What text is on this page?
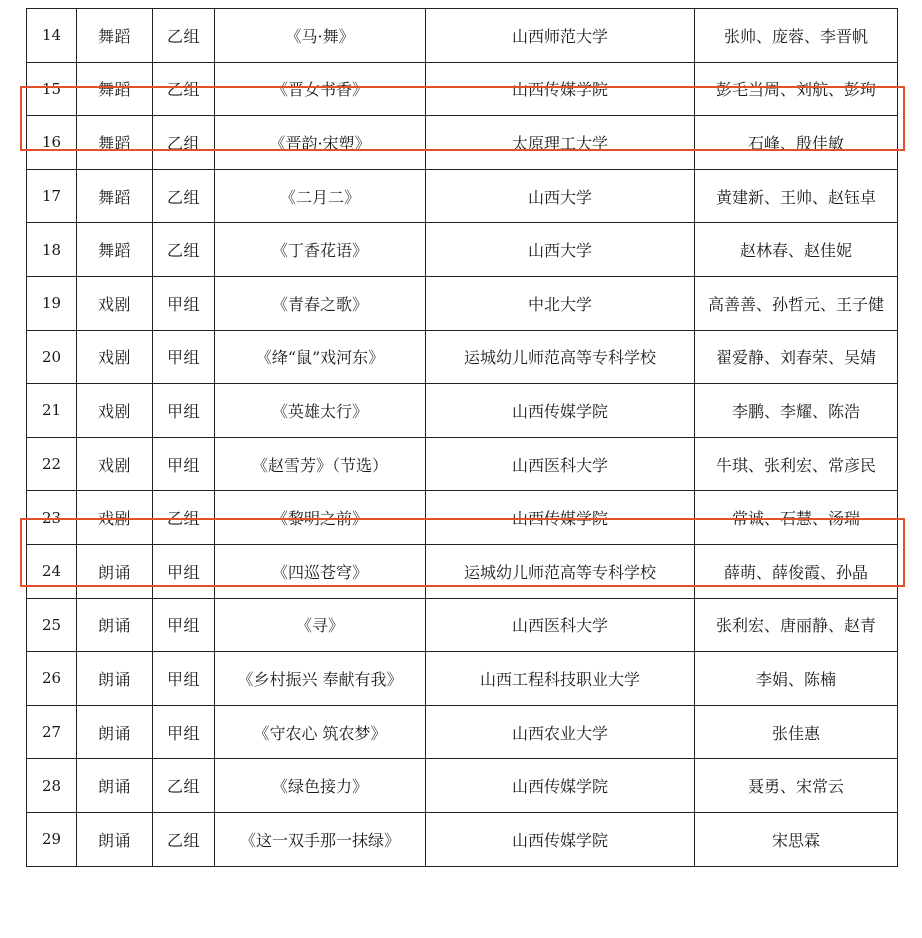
14	舞蹈	乙组	《马·舞》	山西师范大学	张帅、庞蓉、李晋帆
15	舞蹈	乙组	《晋女书香》	山西传媒学院	彭毛当周、刘航、彭珣
16	舞蹈	乙组	《晋韵·宋塑》	太原理工大学	石峰、殷佳敏
17	舞蹈	乙组	《二月二》	山西大学	黄建新、王帅、赵钰卓
18	舞蹈	乙组	《丁香花语》	山西大学	赵林春、赵佳妮
19	戏剧	甲组	《青春之歌》	中北大学	高善善、孙哲元、王子健
20	戏剧	甲组	《绛“鼠”戏河东》	运城幼儿师范高等专科学校	翟爱静、刘春荣、吴婧
21	戏剧	甲组	《英雄太行》	山西传媒学院	李鹏、李耀、陈浩
22	戏剧	甲组	《赵雪芳》（节选）	山西医科大学	牛琪、张利宏、常彦民
23	戏剧	乙组	《黎明之前》	山西传媒学院	常诚、石慧、汤瑞
24	朗诵	甲组	《四巡苍穹》	运城幼儿师范高等专科学校	薛萌、薛俊霞、孙晶
25	朗诵	甲组	《寻》	山西医科大学	张利宏、唐丽静、赵青
26	朗诵	甲组	《乡村振兴 奉献有我》	山西工程科技职业大学	李娟、陈楠
27	朗诵	甲组	《守农心 筑农梦》	山西农业大学	张佳惠
28	朗诵	乙组	《绿色接力》	山西传媒学院	聂勇、宋常云
29	朗诵	乙组	《这一双手那一抹绿》	山西传媒学院	宋思霖
